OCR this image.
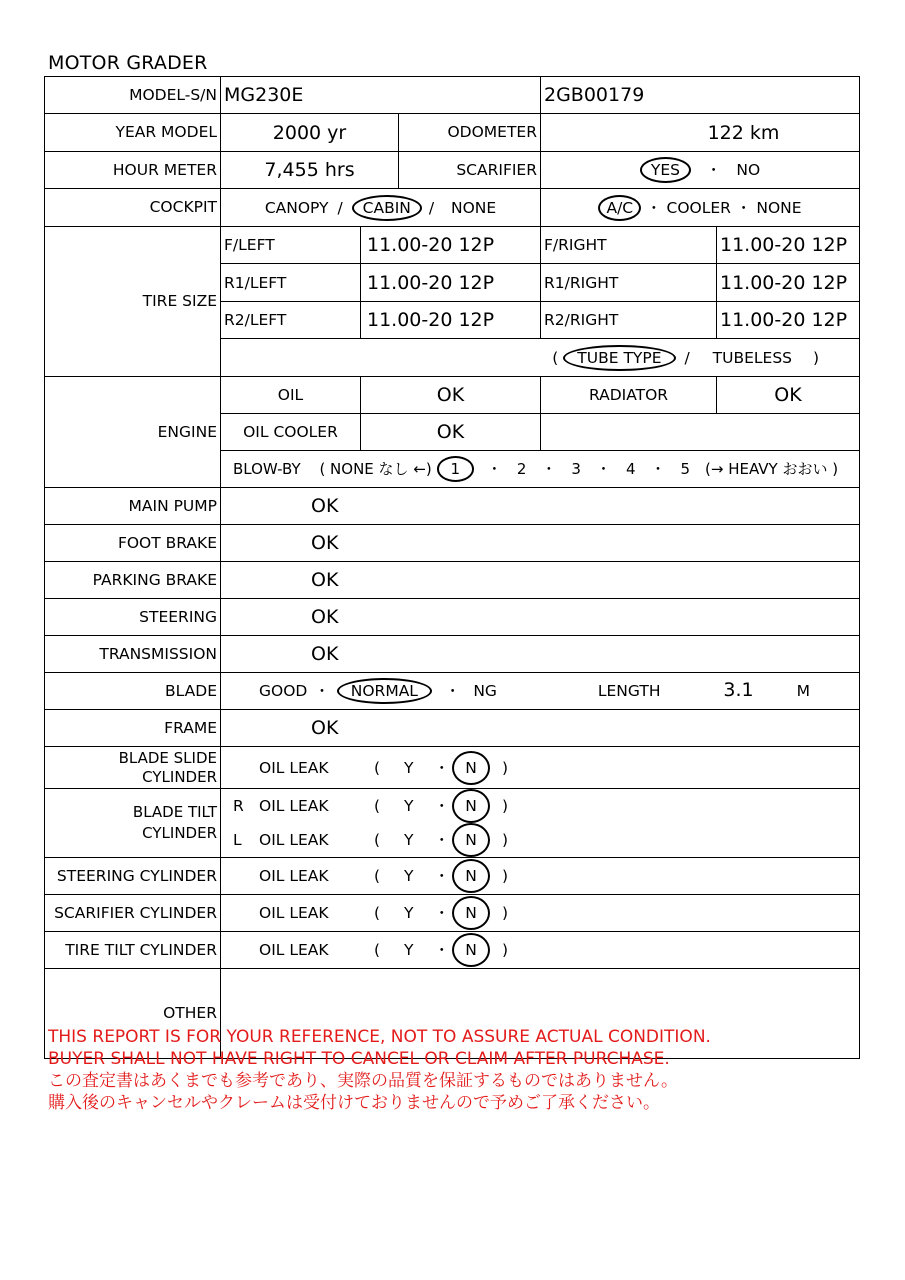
MOTOR GRADER
MODEL-S/N	MG230E			2GB00179	
YEAR MODEL	2000 yr		ODOMETER	122 km	
HOUR METER	7,455 hrs		SCARIFIER	YES ・ NO	
COCKPIT	CANOPY / CABIN / NONE			A/C ・ COOLER ・ NONE	
TIRE SIZE	F/LEFT	11.00-20 12P		F/RIGHT	11.00-20 12P
	R1/LEFT	11.00-20 12P		R1/RIGHT	11.00-20 12P
	R2/LEFT	11.00-20 12P		R2/RIGHT	11.00-20 12P
	( TUBE TYPE / TUBELESS )				
ENGINE	OIL	OK		RADIATOR	OK
	OIL COOLER	OK			
	BLOW-BY ( NONE なし ←) 1 ・　2　・　3　・　4　・　5　(→ HEAVY おおい )				
MAIN PUMP	OK				
FOOT BRAKE	OK				
PARKING BRAKE	OK				
STEERING	OK				
TRANSMISSION	OK				
BLADE	GOOD ・ NORMAL ・ NG LENGTH 3.1 M				
FRAME	OK				

BLADE SLIDE
CYLINDER	OIL LEAK ( Y ・ N )				

BLADE TILT
CYLINDER	R OIL LEAK ( Y ・ N )				
	L OIL LEAK ( Y ・ N )				
STEERING CYLINDER	OIL LEAK ( Y ・ N )				
SCARIFIER CYLINDER	OIL LEAK ( Y ・ N )				
TIRE TILT CYLINDER	OIL LEAK ( Y ・ N )				
OTHER					
THIS REPORT IS FOR YOUR REFERENCE, NOT TO ASSURE ACTUAL CONDITION.
BUYER SHALL NOT HAVE RIGHT TO CANCEL OR CLAIM AFTER PURCHASE.
この査定書はあくまでも参考であり、実際の品質を保証するものではありません。
購入後のキャンセルやクレームは受付けておりませんので予めご了承ください。
